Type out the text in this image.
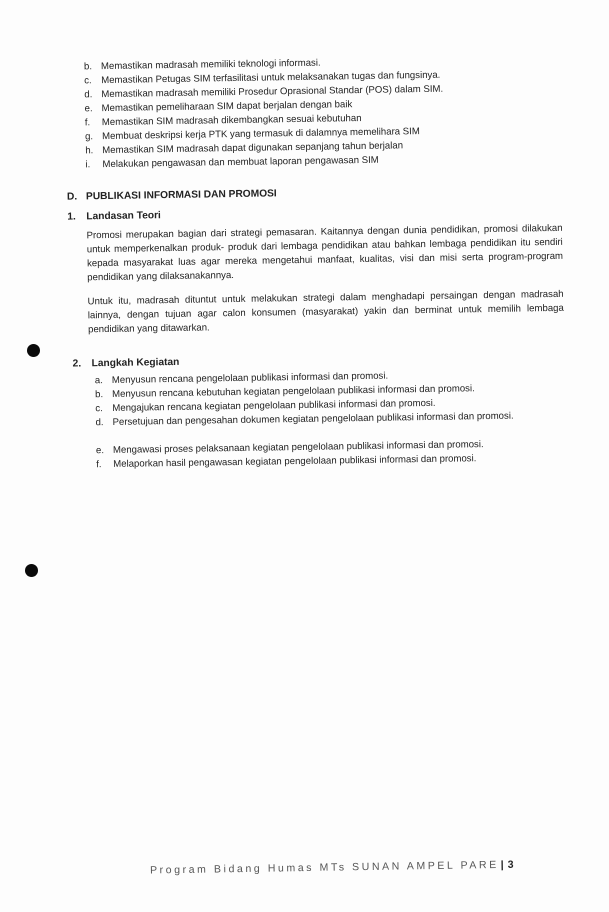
b. Memastikan madrasah memiliki teknologi informasi.
c. Memastikan Petugas SIM terfasilitasi untuk melaksanakan tugas dan fungsinya.
d. Memastikan madrasah memiliki Prosedur Oprasional Standar (POS) dalam SIM.
e. Memastikan pemeliharaan SIM dapat berjalan dengan baik
f. Memastikan SIM madrasah dikembangkan sesuai kebutuhan
g. Membuat deskripsi kerja PTK yang termasuk di dalamnya memelihara SIM
h. Memastikan SIM madrasah dapat digunakan sepanjang tahun berjalan
i. Melakukan pengawasan dan membuat laporan pengawasan SIM
D. PUBLIKASI INFORMASI DAN PROMOSI
1. Landasan Teori
Promosi merupakan bagian dari strategi pemasaran. Kaitannya dengan dunia pendidikan, promosi dilakukan untuk memperkenalkan produk- produk dari lembaga pendidikan atau bahkan lembaga pendidikan itu sendiri kepada masyarakat luas agar mereka mengetahui manfaat, kualitas, visi dan misi serta program-program pendidikan yang dilaksanakannya.
Untuk itu, madrasah dituntut untuk melakukan strategi dalam menghadapi persaingan dengan madrasah lainnya, dengan tujuan agar calon konsumen (masyarakat) yakin dan berminat untuk memilih lembaga pendidikan yang ditawarkan.
2. Langkah Kegiatan
a. Menyusun rencana pengelolaan publikasi informasi dan promosi.
b. Menyusun rencana kebutuhan kegiatan pengelolaan publikasi informasi dan promosi.
c. Mengajukan rencana kegiatan pengelolaan publikasi informasi dan promosi.
d. Persetujuan dan pengesahan dokumen kegiatan pengelolaan publikasi informasi dan promosi.
e. Mengawasi proses pelaksanaan kegiatan pengelolaan publikasi informasi dan promosi.
f. Melaporkan hasil pengawasan kegiatan pengelolaan publikasi informasi dan promosi.
Program Bidang Humas MTs SUNAN AMPEL PARE | 3
